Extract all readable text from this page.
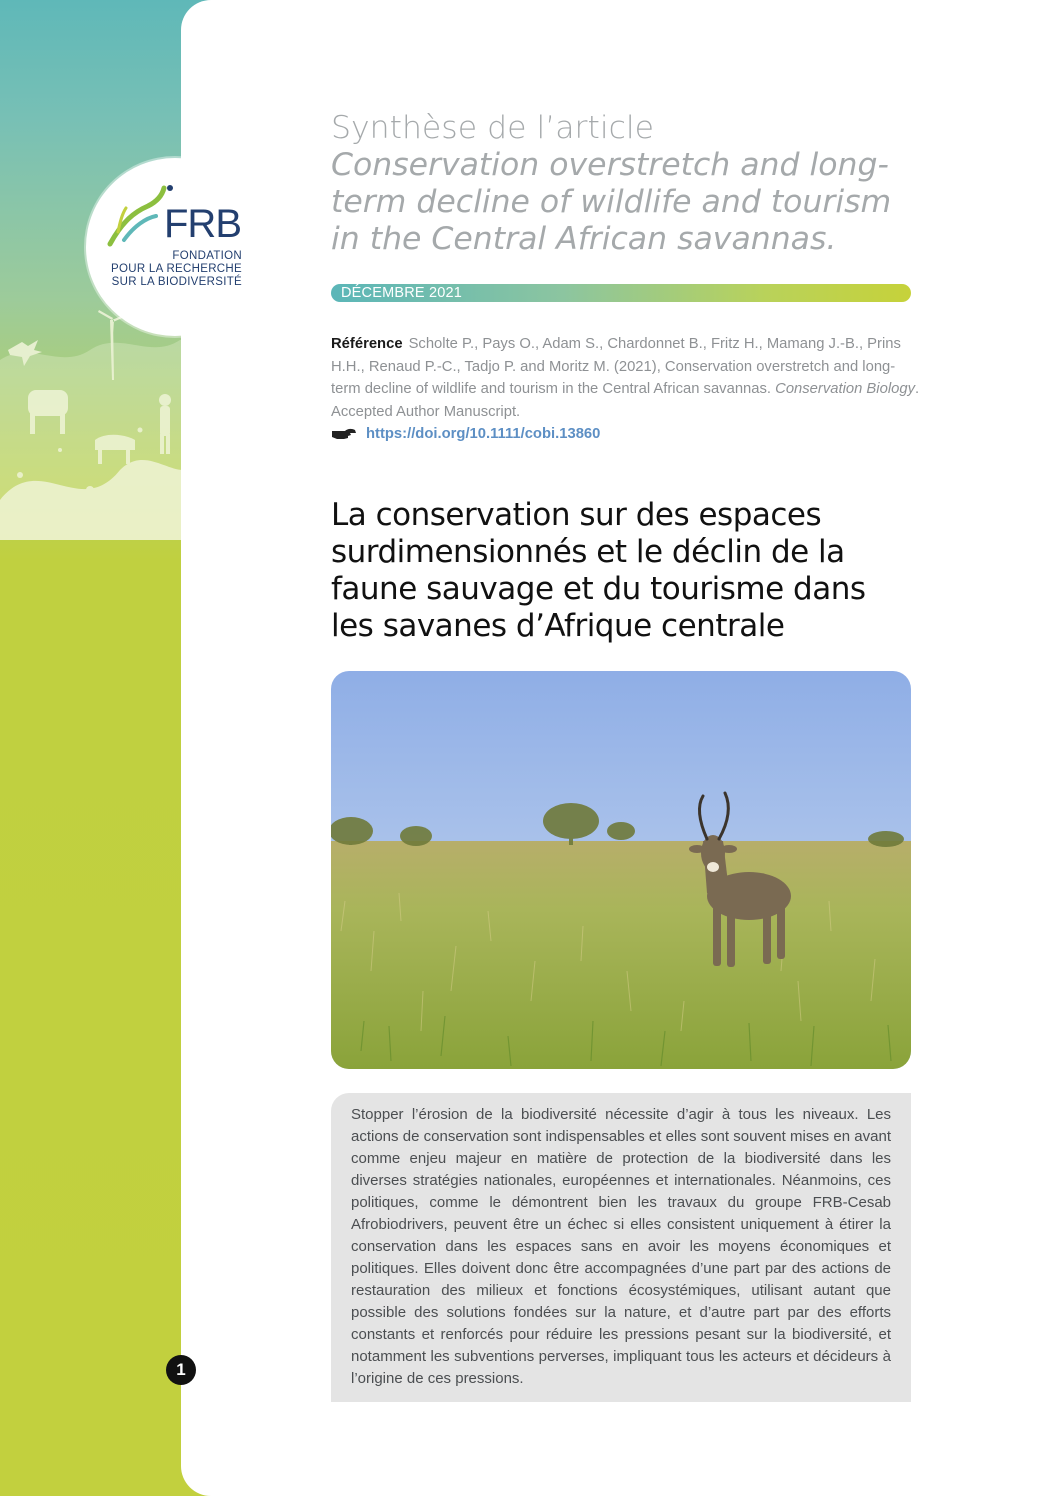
FRB
FONDATION
POUR LA RECHERCHE
SUR LA BIODIVERSITÉ
Synthèse de l’article
Conservation overstretch and long-
term decline of wildlife and tourism
in the Central African savannas.
DÉCEMBRE 2021
Référence Scholte P., Pays O., Adam S., Chardonnet B., Fritz H., Mamang J.-B., Prins H.H., Renaud P.-C., Tadjo P. and Moritz M. (2021), Conservation overstretch and long-term decline of wildlife and tourism in the Central African savannas. Conservation Biology. Accepted Author Manuscript.
https://doi.org/10.1111/cobi.13860
La conservation sur des espaces surdimensionnés et le déclin de la faune sauvage et du tourisme dans les savanes d’Afrique centrale
Stopper l’érosion de la biodiversité nécessite d’agir à tous les niveaux. Les actions de conservation sont indispensables et elles sont souvent mises en avant comme enjeu majeur en matière de protection de la biodiversité dans les diverses stratégies nationales, européennes et internationales. Néanmoins, ces politiques, comme le démontrent bien les travaux du groupe FRB-Cesab Afrobiodrivers, peuvent être un échec si elles consistent uniquement à étirer la conservation dans les espaces sans en avoir les moyens économiques et politiques. Elles doivent donc être accompagnées d’une part par des actions de restauration des milieux et fonctions écosystémiques, utilisant autant que possible des solutions fondées sur la nature, et d’autre part par des efforts constants et renforcés pour réduire les pressions pesant sur la biodiversité, et notamment les subventions perverses, impliquant tous les acteurs et décideurs à l’origine de ces pressions.
1
